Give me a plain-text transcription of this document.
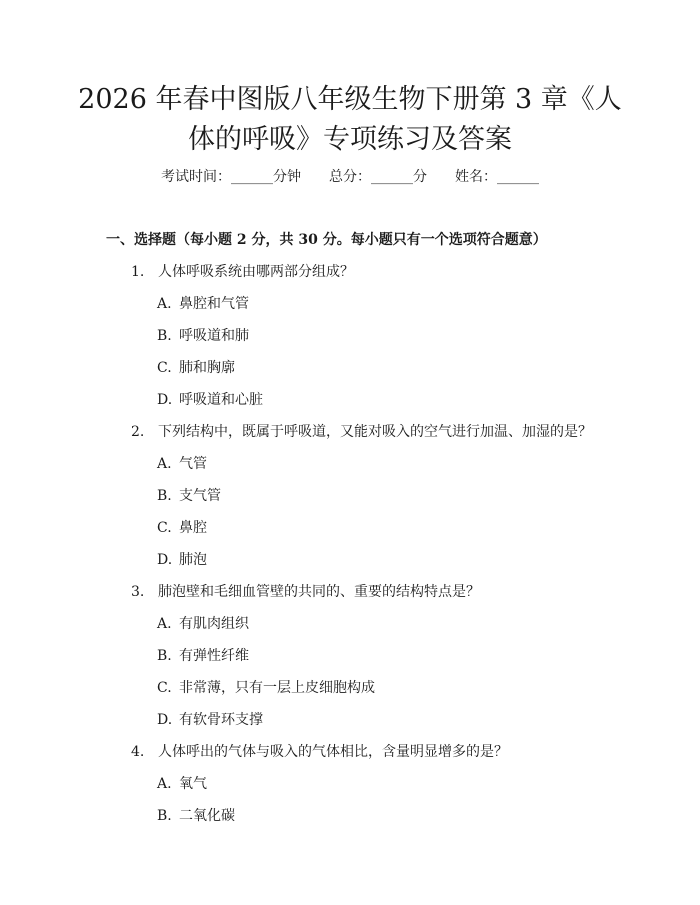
2026 年春中图版八年级生物下册第 3 章《人
体的呼吸》专项练习及答案
考试时间：______分钟 总分：______分 姓名：______
一、选择题（每小题 2 分，共 30 分。每小题只有一个选项符合题意）
1. 人体呼吸系统由哪两部分组成？
A. 鼻腔和气管
B. 呼吸道和肺
C. 肺和胸廓
D. 呼吸道和心脏
2. 下列结构中，既属于呼吸道，又能对吸入的空气进行加温、加湿的是？
A. 气管
B. 支气管
C. 鼻腔
D. 肺泡
3. 肺泡壁和毛细血管壁的共同的、重要的结构特点是？
A. 有肌肉组织
B. 有弹性纤维
C. 非常薄，只有一层上皮细胞构成
D. 有软骨环支撑
4. 人体呼出的气体与吸入的气体相比，含量明显增多的是？
A. 氧气
B. 二氧化碳
